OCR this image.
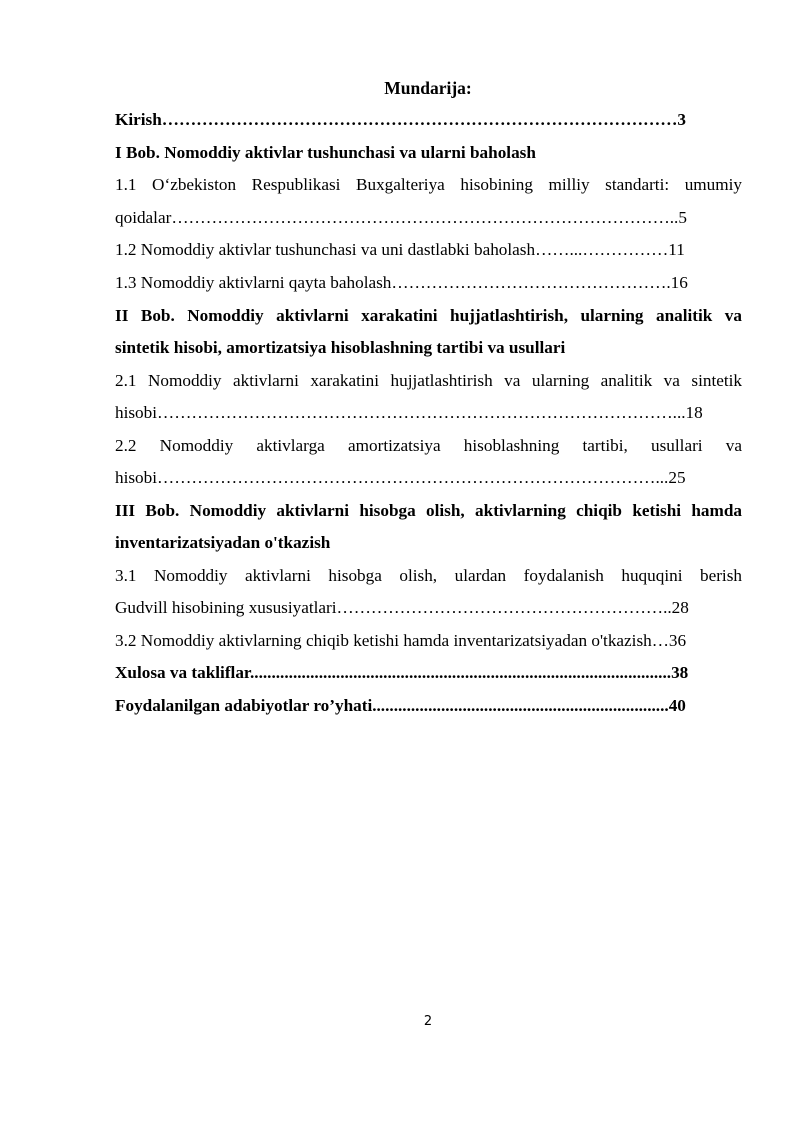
Mundarija:
Kirish………………………………………………………………………………3
I Bob. Nomoddiy aktivlar tushunchasi va ularni baholash
1.1 O‘zbekiston Respublikasi Buxgalteriya hisobining milliy standarti: umumiy
qoidalar……………………………………………………………………………..5
1.2 Nomoddiy aktivlar tushunchasi va uni dastlabki baholash……...……………11
1.3 Nomoddiy aktivlarni qayta baholash………………………………………….16
II Bob. Nomoddiy aktivlarni xarakatini hujjatlashtirish, ularning analitik va
sintetik hisobi, amortizatsiya hisoblashning tartibi va usullari
2.1 Nomoddiy aktivlarni xarakatini hujjatlashtirish va ularning analitik va sintetik
hisobi………………………………………………………………………………...18
2.2 Nomoddiy aktivlarga amortizatsiya hisoblashning tartibi, usullari va
hisobi……………………………………………………………………………...25
III Bob. Nomoddiy aktivlarni hisobga olish, aktivlarning chiqib ketishi hamda
inventarizatsiyadan o'tkazish
3.1 Nomoddiy aktivlarni hisobga olish, ulardan foydalanish huquqini berish
Gudvill hisobining xususiyatlari…………………………………………………..28
3.2 Nomoddiy aktivlarning chiqib ketishi hamda inventarizatsiyadan o'tkazish…36
Xulosa va takliflar..................................................................................................38
Foydalanilgan adabiyotlar ro’yhati.....................................................................40
2
